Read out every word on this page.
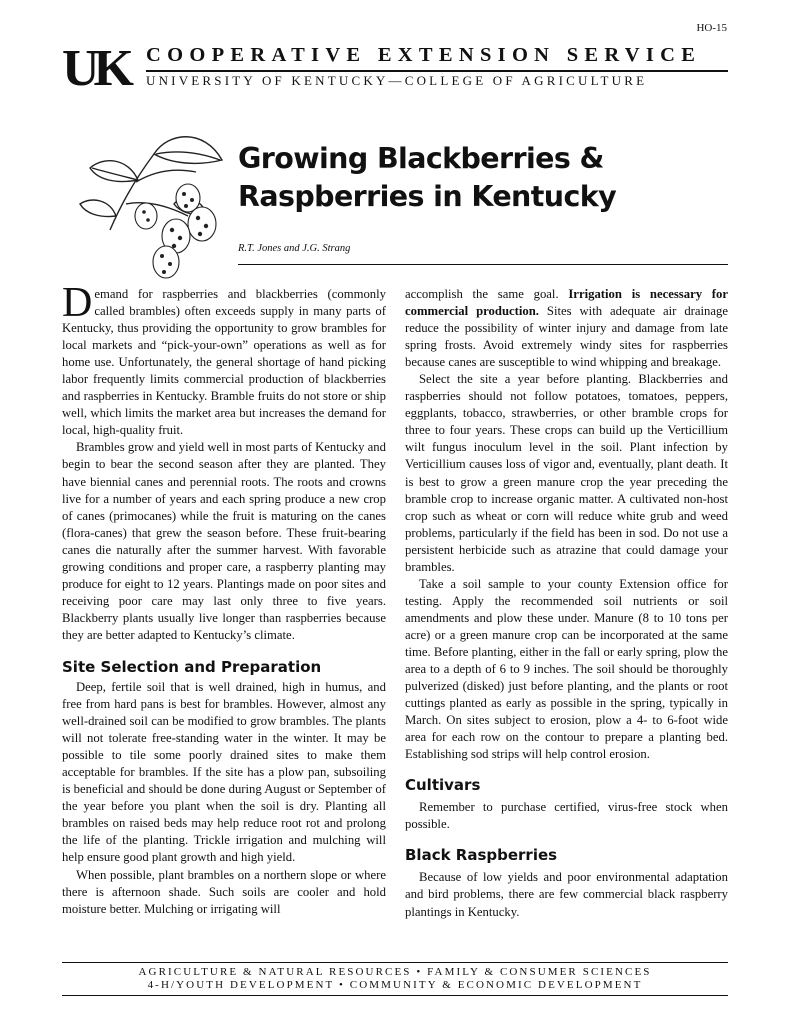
HO-15
UK COOPERATIVE EXTENSION SERVICE
UNIVERSITY OF KENTUCKY—COLLEGE OF AGRICULTURE
Growing Blackberries &
Raspberries in Kentucky
R.T. Jones and J.G. Strang

Demand for raspberries and blackberries (commonly called brambles) often exceeds supply in many parts of Kentucky, thus providing the opportunity to grow brambles for local markets and “pick-your-own” operations as well as for home use. Unfortunately, the general shortage of hand picking labor frequently limits commercial production of blackberries and raspberries in Kentucky. Bramble fruits do not store or ship well, which limits the market area but increases the demand for local, high-quality fruit.

Brambles grow and yield well in most parts of Kentucky and begin to bear the second season after they are planted. They have biennial canes and perennial roots. The roots and crowns live for a number of years and each spring produce a new crop of canes (primocanes) while the fruit is maturing on the canes (flora-canes) that grew the season before. These fruit-bearing canes die naturally after the summer harvest. With favorable growing conditions and proper care, a raspberry planting may produce for eight to 12 years. Plantings made on poor sites and receiving poor care may last only three to five years. Blackberry plants usually live longer than raspberries because they are better adapted to Kentucky’s climate.

Site Selection and Preparation

Deep, fertile soil that is well drained, high in humus, and free from hard pans is best for brambles. However, almost any well-drained soil can be modified to grow brambles. The plants will not tolerate free-standing water in the winter. It may be possible to tile some poorly drained sites to make them acceptable for brambles. If the site has a plow pan, subsoiling is beneficial and should be done during August or September of the year before you plant when the soil is dry. Planting all brambles on raised beds may help reduce root rot and prolong the life of the planting. Trickle irrigation and mulching will help ensure good plant growth and high yield.

When possible, plant brambles on a northern slope or where there is afternoon shade. Such soils are cooler and hold moisture better. Mulching or irrigating will

accomplish the same goal. Irrigation is necessary for commercial production. Sites with adequate air drainage reduce the possibility of winter injury and damage from late spring frosts. Avoid extremely windy sites for raspberries because canes are susceptible to wind whipping and breakage.

Select the site a year before planting. Blackberries and raspberries should not follow potatoes, tomatoes, peppers, eggplants, tobacco, strawberries, or other bramble crops for three to four years. These crops can build up the Verticillium wilt fungus inoculum level in the soil. Plant infection by Verticillium causes loss of vigor and, eventually, plant death. It is best to grow a green manure crop the year preceding the bramble crop to increase organic matter. A cultivated non-host crop such as wheat or corn will reduce white grub and weed problems, particularly if the field has been in sod. Do not use a persistent herbicide such as atrazine that could damage your brambles.

Take a soil sample to your county Extension office for testing. Apply the recommended soil nutrients or soil amendments and plow these under. Manure (8 to 10 tons per acre) or a green manure crop can be incorporated at the same time. Before planting, either in the fall or early spring, plow the area to a depth of 6 to 9 inches. The soil should be thoroughly pulverized (disked) just before planting, and the plants or root cuttings planted as early as possible in the spring, typically in March. On sites subject to erosion, plow a 4- to 6-foot wide area for each row on the contour to prepare a planting bed. Establishing sod strips will help control erosion.

Cultivars

Remember to purchase certified, virus-free stock when possible.

Black Raspberries

Because of low yields and poor environmental adaptation and bird problems, there are few commercial black raspberry plantings in Kentucky.

AGRICULTURE & NATURAL RESOURCES • FAMILY & CONSUMER SCIENCES
4-H/YOUTH DEVELOPMENT • COMMUNITY & ECONOMIC DEVELOPMENT
